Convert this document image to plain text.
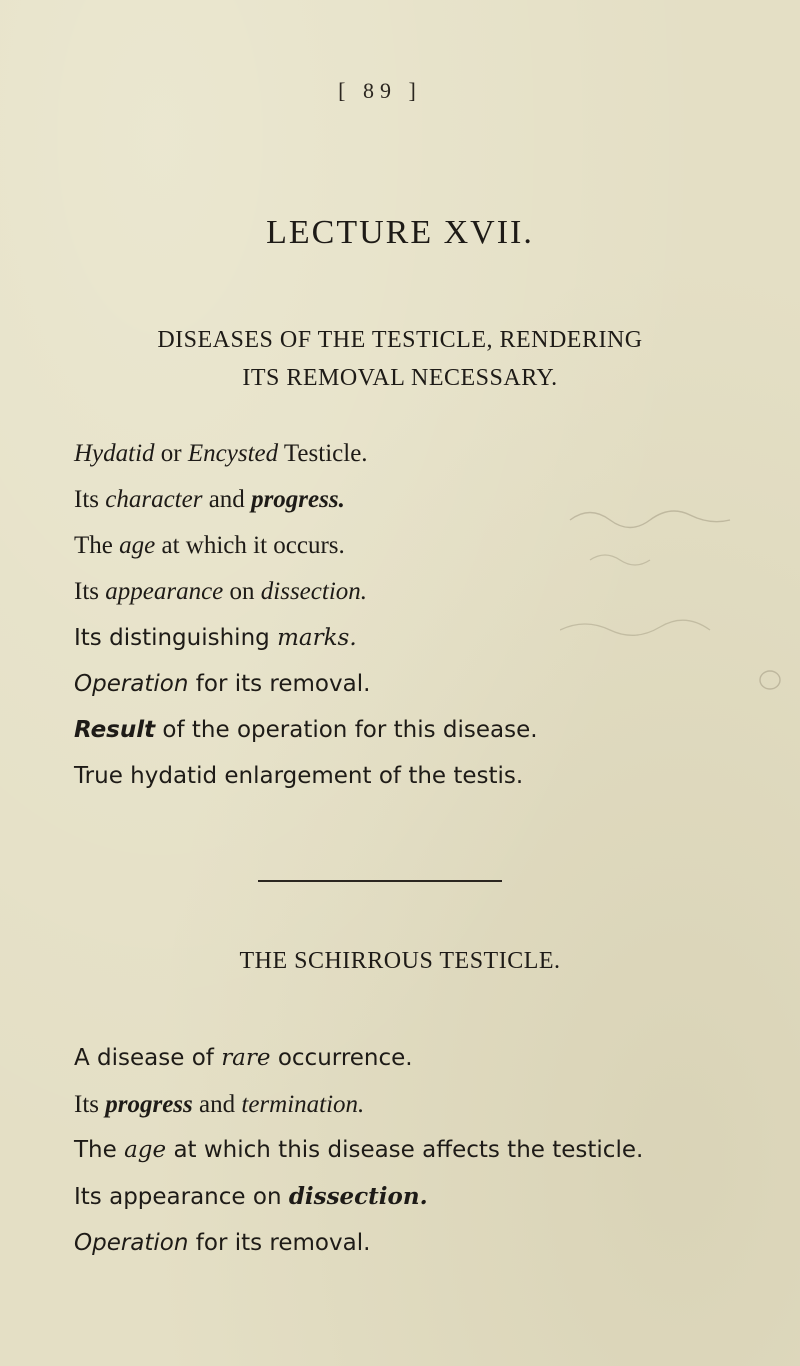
[ 89 ]
LECTURE XVII.
DISEASES OF THE TESTICLE, RENDERING
ITS REMOVAL NECESSARY.
Hydatid or Encysted Testicle.
Its character and progress.
The age at which it occurs.
Its appearance on dissection.
Its distinguishing marks.
Operation for its removal.
Result of the operation for this disease.
True hydatid enlargement of the testis.
THE SCHIRROUS TESTICLE.
A disease of rare occurrence.
Its progress and termination.
The age at which this disease affects the testicle.
Its appearance on dissection.
Operation for its removal.
